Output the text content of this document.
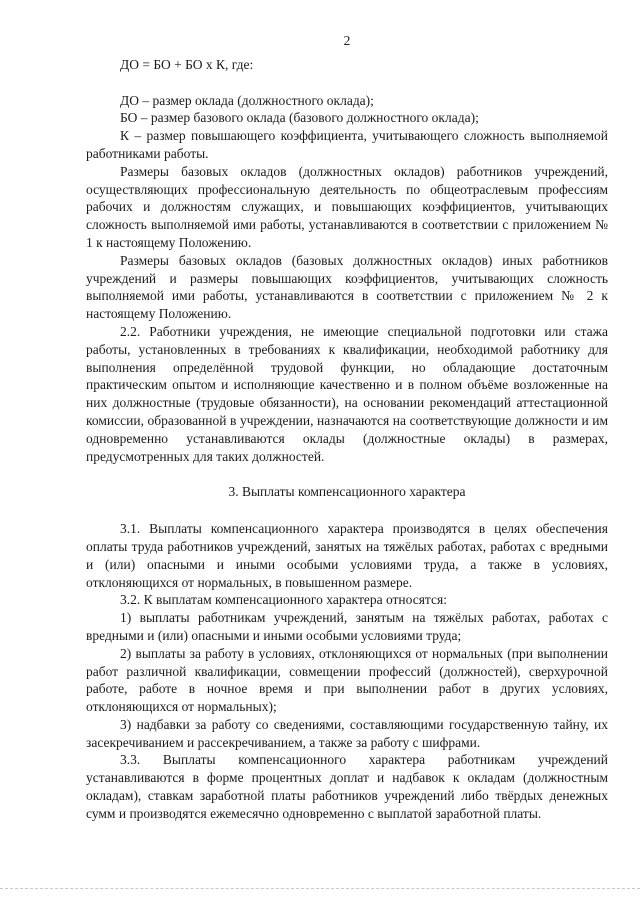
2

ДО = БО + БО х К, где:

ДО – размер оклада (должностного оклада);

БО – размер базового оклада (базового должностного оклада);

К – размер повышающего коэффициента, учитывающего сложность выполняемой работниками работы.

Размеры базовых окладов (должностных окладов) работников учреждений, осуществляющих профессиональную деятельность по общеотраслевым профессиям рабочих и должностям служащих, и повышающих коэффициентов, учитывающих сложность выполняемой ими работы, устанавливаются в соответствии с приложением № 1 к настоящему Положению.

Размеры базовых окладов (базовых должностных окладов) иных работников учреждений и размеры повышающих коэффициентов, учитывающих сложность выполняемой ими работы, устанавливаются в соответствии с приложением № 2 к настоящему Положению.

2.2. Работники учреждения, не имеющие специальной подготовки или стажа работы, установленных в требованиях к квалификации, необходимой работнику для выполнения определённой трудовой функции, но обладающие достаточным практическим опытом и исполняющие качественно и в полном объёме возложенные на них должностные (трудовые обязанности), на основании рекомендаций аттестационной комиссии, образованной в учреждении, назначаются на соответствующие должности и им одновременно устанавливаются оклады (должностные оклады) в размерах, предусмотренных для таких должностей.

3. Выплаты компенсационного характера

3.1. Выплаты компенсационного характера производятся в целях обеспечения оплаты труда работников учреждений, занятых на тяжёлых работах, работах с вредными и (или) опасными и иными особыми условиями труда, а также в условиях, отклоняющихся от нормальных, в повышенном размере.

3.2. К выплатам компенсационного характера относятся:

1) выплаты работникам учреждений, занятым на тяжёлых работах, работах с вредными и (или) опасными и иными особыми условиями труда;

2) выплаты за работу в условиях, отклоняющихся от нормальных (при выполнении работ различной квалификации, совмещении профессий (должностей), сверхурочной работе, работе в ночное время и при выполнении работ в других условиях, отклоняющихся от нормальных);

3) надбавки за работу со сведениями, составляющими государственную тайну, их засекречиванием и рассекречиванием, а также за работу с шифрами.

3.3. Выплаты компенсационного характера работникам учреждений устанавливаются в форме процентных доплат и надбавок к окладам (должностным окладам), ставкам заработной платы работников учреждений либо твёрдых денежных сумм и производятся ежемесячно одновременно с выплатой заработной платы.
